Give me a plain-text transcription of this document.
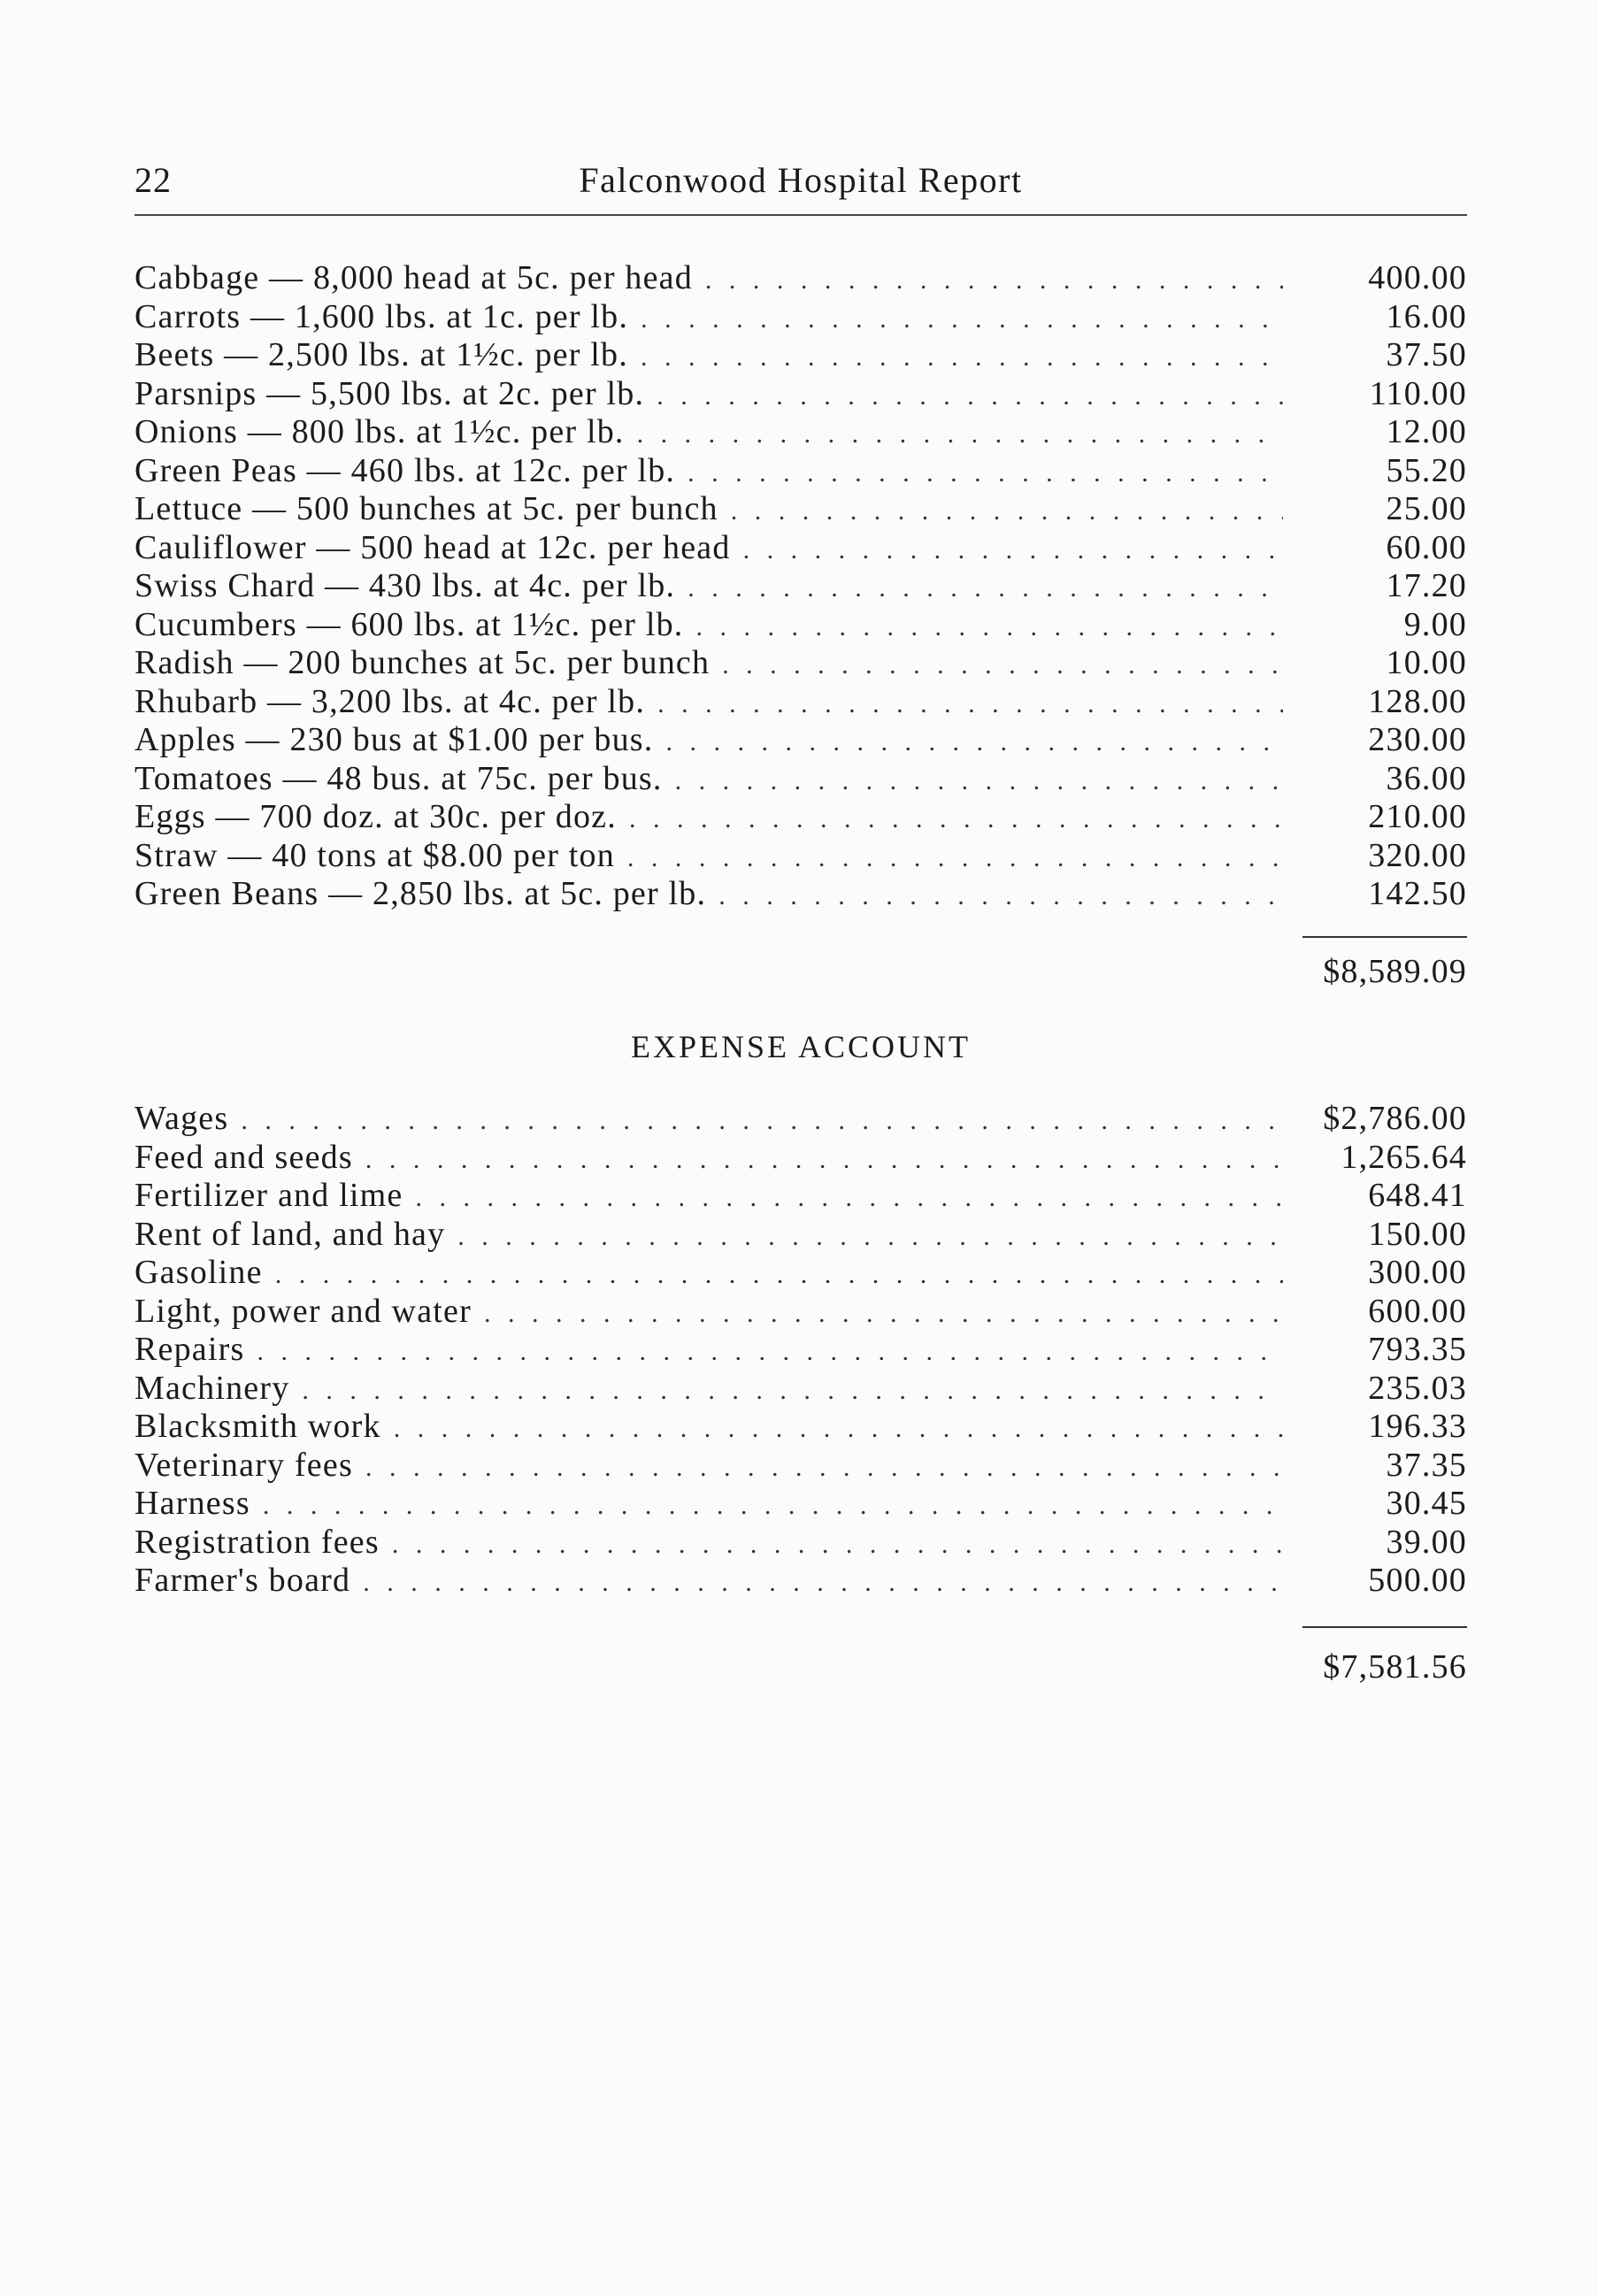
22	Falconwood Hospital Report
Cabbage — 8,000 head at 5c. per head . . .	400.00
Carrots — 1,600 lbs. at 1c. per lb. . . .	16.00
Beets — 2,500 lbs. at 1½c. per lb. . . .	37.50
Parsnips — 5,500 lbs. at 2c. per lb. . . .	110.00
Onions — 800 lbs. at 1½c. per lb. . . .	12.00
Green Peas — 460 lbs. at 12c. per lb. . . .	55.20
Lettuce — 500 bunches at 5c. per bunch . . .	25.00
Cauliflower — 500 head at 12c. per head . . .	60.00
Swiss Chard — 430 lbs. at 4c. per lb. . . .	17.20
Cucumbers — 600 lbs. at 1½c. per lb. . . .	9.00
Radish — 200 bunches at 5c. per bunch . . .	10.00
Rhubarb — 3,200 lbs. at 4c. per lb. . . .	128.00
Apples — 230 bus at $1.00 per bus. . . .	230.00
Tomatoes — 48 bus. at 75c. per bus. . . .	36.00
Eggs — 700 doz. at 30c. per doz. . . .	210.00
Straw — 40 tons at $8.00 per ton . . .	320.00
Green Beans — 2,850 lbs. at 5c. per lb. . . .	142.50
$8,589.09
EXPENSE ACCOUNT
Wages . . .	$2,786.00
Feed and seeds . . .	1,265.64
Fertilizer and lime . . .	648.41
Rent of land, and hay . . .	150.00
Gasoline . . .	300.00
Light, power and water . . .	600.00
Repairs . . .	793.35
Machinery . . .	235.03
Blacksmith work . . .	196.33
Veterinary fees . . .	37.35
Harness . . .	30.45
Registration fees . . .	39.00
Farmer's board . . .	500.00
$7,581.56
